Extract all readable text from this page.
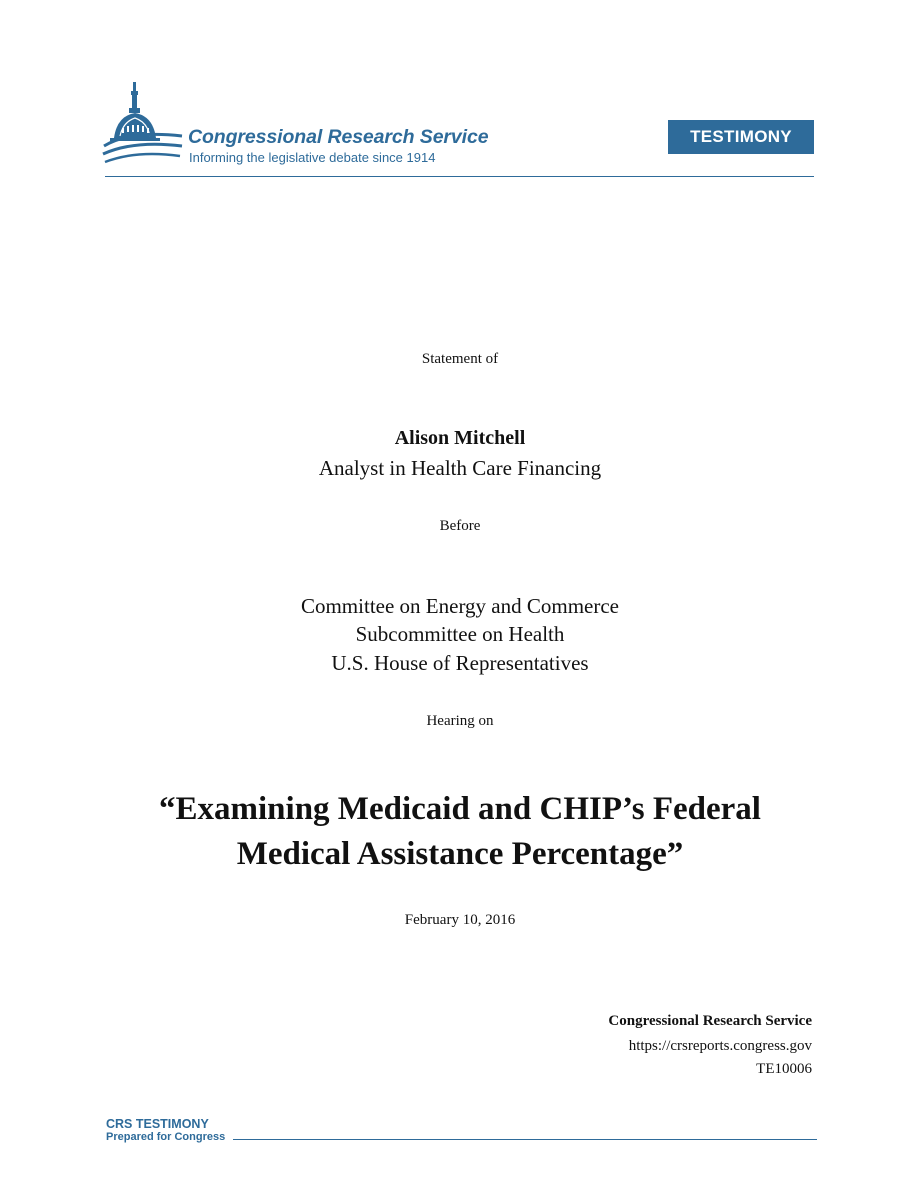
Congressional Research Service
Informing the legislative debate since 1914
TESTIMONY
Statement of
Alison Mitchell
Analyst in Health Care Financing
Before
Committee on Energy and Commerce
Subcommittee on Health
U.S. House of Representatives
Hearing on
“Examining Medicaid and CHIP’s Federal
Medical Assistance Percentage”
February 10, 2016
Congressional Research Service
https://crsreports.congress.gov
TE10006
CRS TESTIMONY
Prepared for Congress
